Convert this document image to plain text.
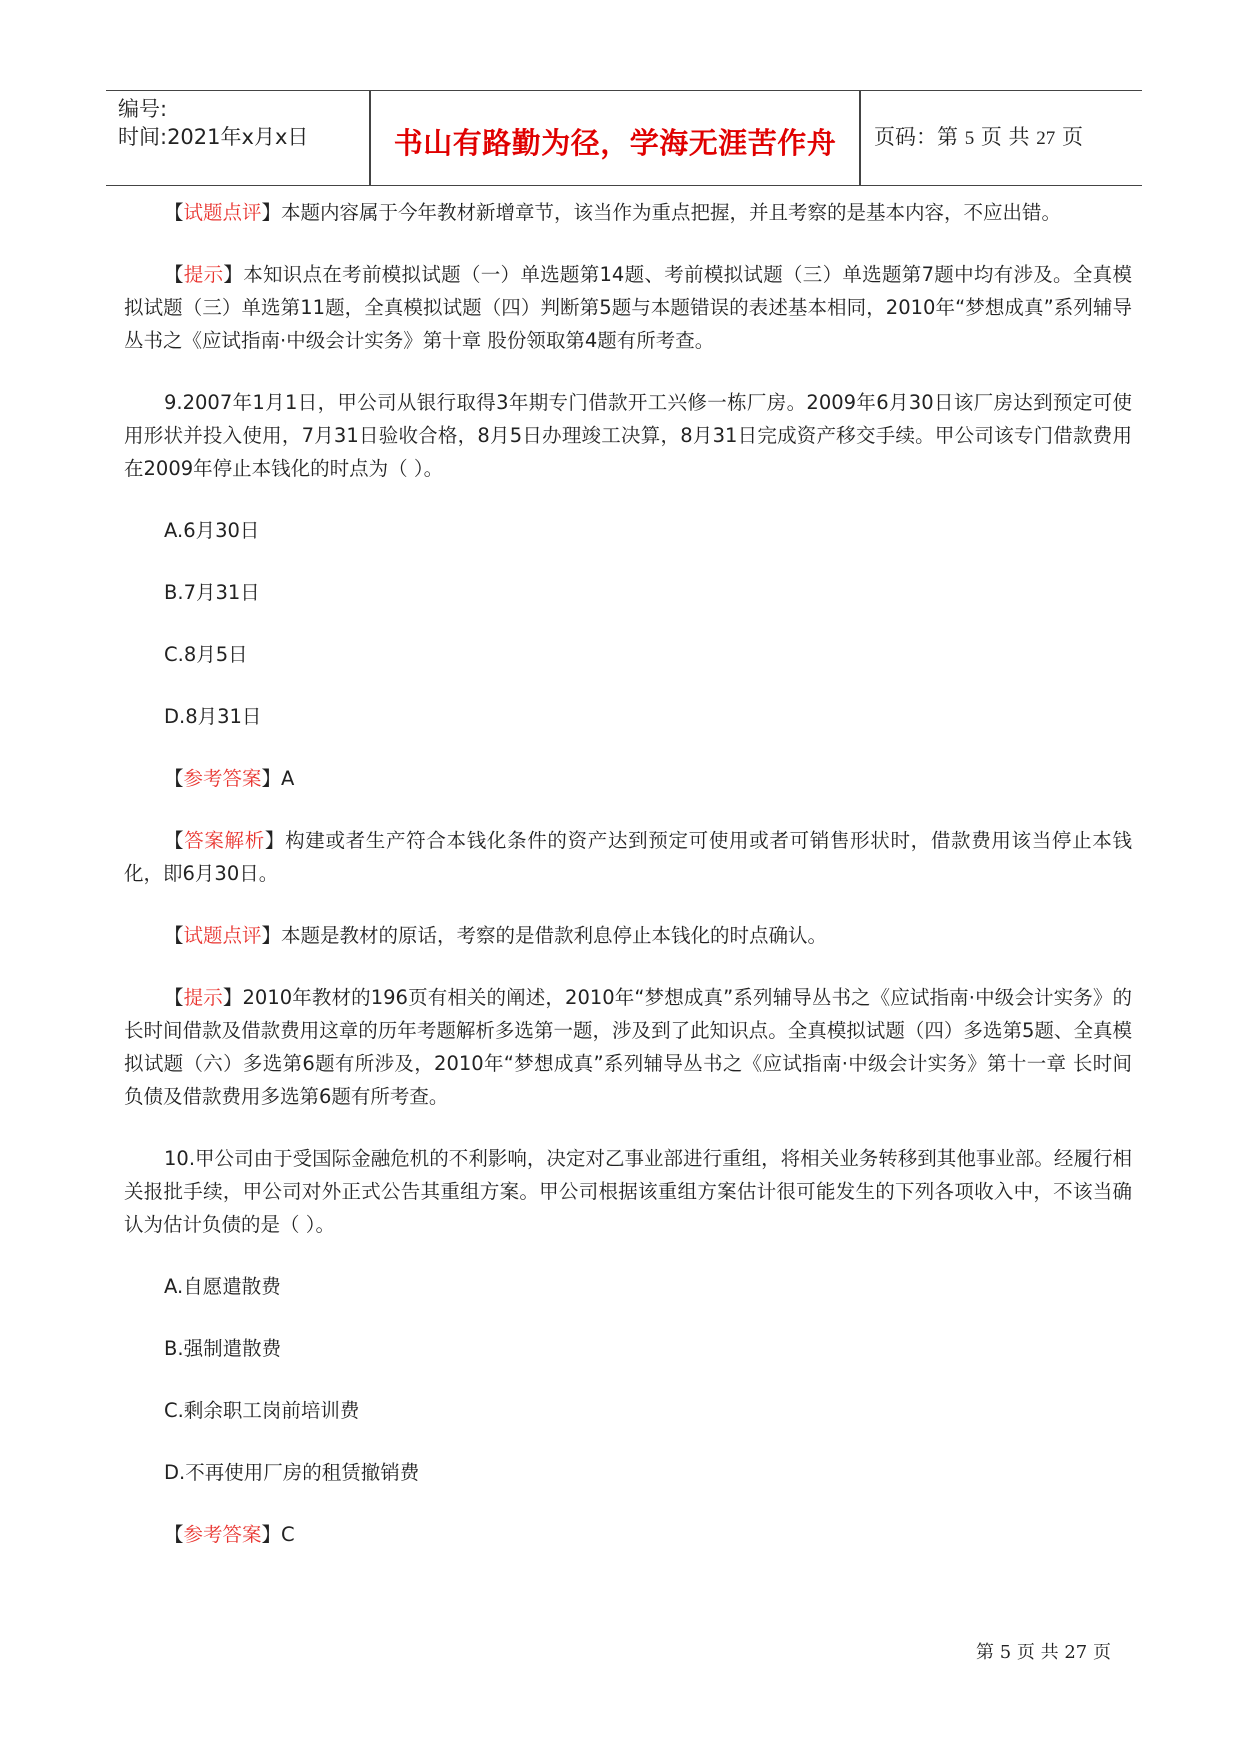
编号:
时间:2021年x月x日	书山有路勤为径，学海无涯苦作舟	页码：第 5 页 共 27 页

【试题点评】本题内容属于今年教材新增章节，该当作为重点把握，并且考察的是基本内容，不应出错。

【提示】本知识点在考前模拟试题（一）单选题第14题、考前模拟试题（三）单选题第7题中均有涉及。全真模拟试题（三）单选第11题，全真模拟试题（四）判断第5题与本题错误的表述基本相同，2010年“梦想成真”系列辅导丛书之《应试指南·中级会计实务》第十章 股份领取第4题有所考查。

9.2007年1月1日，甲公司从银行取得3年期专门借款开工兴修一栋厂房。2009年6月30日该厂房达到预定可使用形状并投入使用，7月31日验收合格，8月5日办理竣工决算，8月31日完成资产移交手续。甲公司该专门借款费用在2009年停止本钱化的时点为（ ）。

A.6月30日

B.7月31日

C.8月5日

D.8月31日

【参考答案】A

【答案解析】构建或者生产符合本钱化条件的资产达到预定可使用或者可销售形状时，借款费用该当停止本钱化，即6月30日。

【试题点评】本题是教材的原话，考察的是借款利息停止本钱化的时点确认。

【提示】2010年教材的196页有相关的阐述，2010年“梦想成真”系列辅导丛书之《应试指南·中级会计实务》的长时间借款及借款费用这章的历年考题解析多选第一题，涉及到了此知识点。全真模拟试题（四）多选第5题、全真模拟试题（六）多选第6题有所涉及，2010年“梦想成真”系列辅导丛书之《应试指南·中级会计实务》第十一章 长时间负债及借款费用多选第6题有所考查。

10.甲公司由于受国际金融危机的不利影响，决定对乙事业部进行重组，将相关业务转移到其他事业部。经履行相关报批手续，甲公司对外正式公告其重组方案。甲公司根据该重组方案估计很可能发生的下列各项收入中，不该当确认为估计负债的是（ ）。

A.自愿遣散费

B.强制遣散费

C.剩余职工岗前培训费

D.不再使用厂房的租赁撤销费

【参考答案】C

第 5 页 共 27 页
